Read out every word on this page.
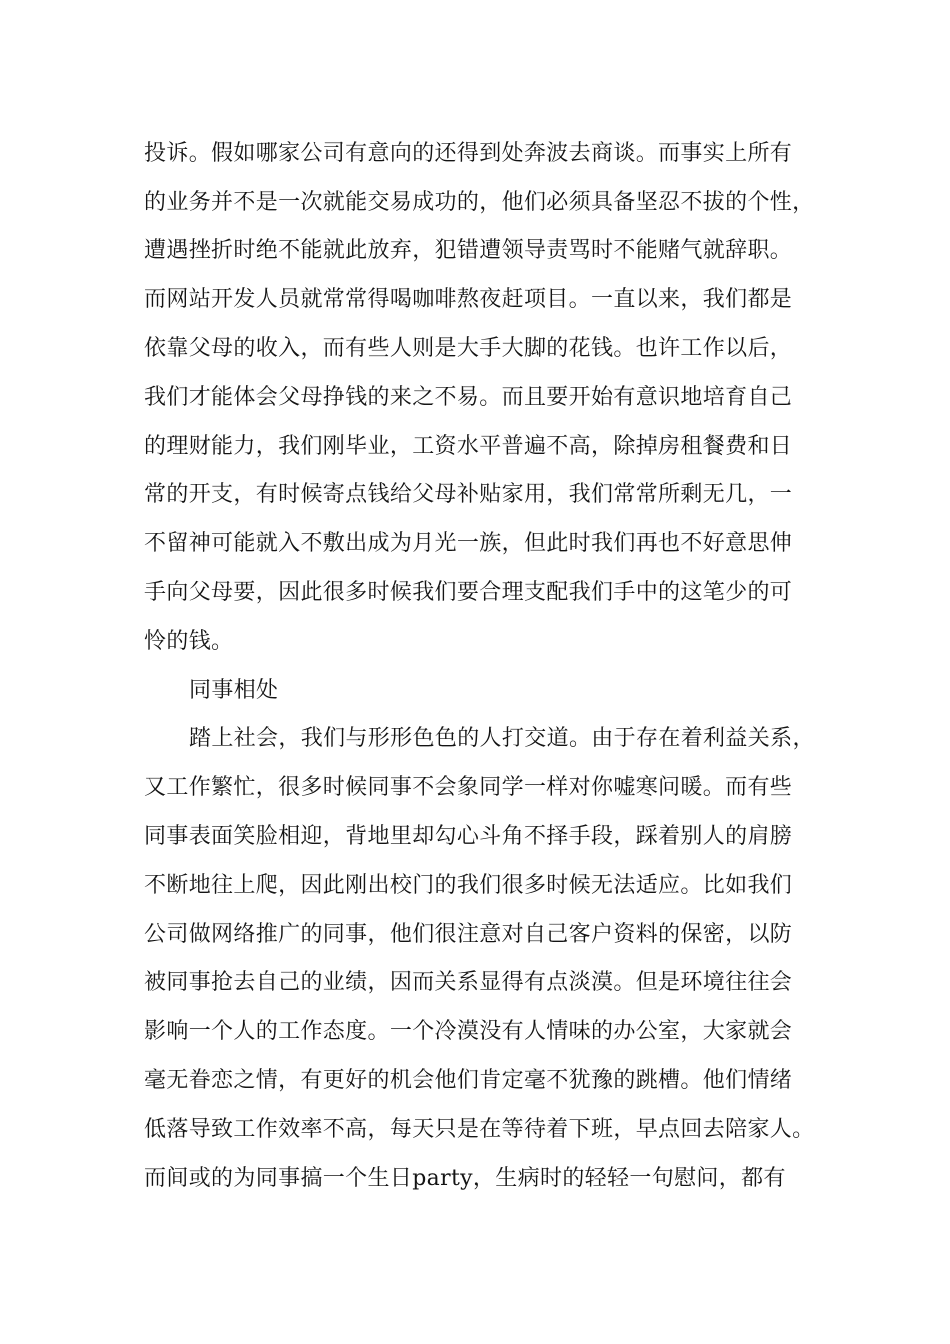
投诉。假如哪家公司有意向的还得到处奔波去商谈。而事实上所有
的业务并不是一次就能交易成功的，他们必须具备坚忍不拔的个性，
遭遇挫折时绝不能就此放弃，犯错遭领导责骂时不能赌气就辞职。
而网站开发人员就常常得喝咖啡熬夜赶项目。一直以来，我们都是
依靠父母的收入，而有些人则是大手大脚的花钱。也许工作以后，
我们才能体会父母挣钱的来之不易。而且要开始有意识地培育自己
的理财能力，我们刚毕业，工资水平普遍不高，除掉房租餐费和日
常的开支，有时候寄点钱给父母补贴家用，我们常常所剩无几，一
不留神可能就入不敷出成为月光一族，但此时我们再也不好意思伸
手向父母要，因此很多时候我们要合理支配我们手中的这笔少的可
怜的钱。
同事相处
踏上社会，我们与形形色色的人打交道。由于存在着利益关系，
又工作繁忙，很多时候同事不会象同学一样对你嘘寒问暖。而有些
同事表面笑脸相迎，背地里却勾心斗角不择手段，踩着别人的肩膀
不断地往上爬，因此刚出校门的我们很多时候无法适应。比如我们
公司做网络推广的同事，他们很注意对自己客户资料的保密，以防
被同事抢去自己的业绩，因而关系显得有点淡漠。但是环境往往会
影响一个人的工作态度。一个冷漠没有人情味的办公室，大家就会
毫无眷恋之情，有更好的机会他们肯定毫不犹豫的跳槽。他们情绪
低落导致工作效率不高，每天只是在等待着下班，早点回去陪家人。
而间或的为同事搞一个生日party，生病时的轻轻一句慰问，都有
